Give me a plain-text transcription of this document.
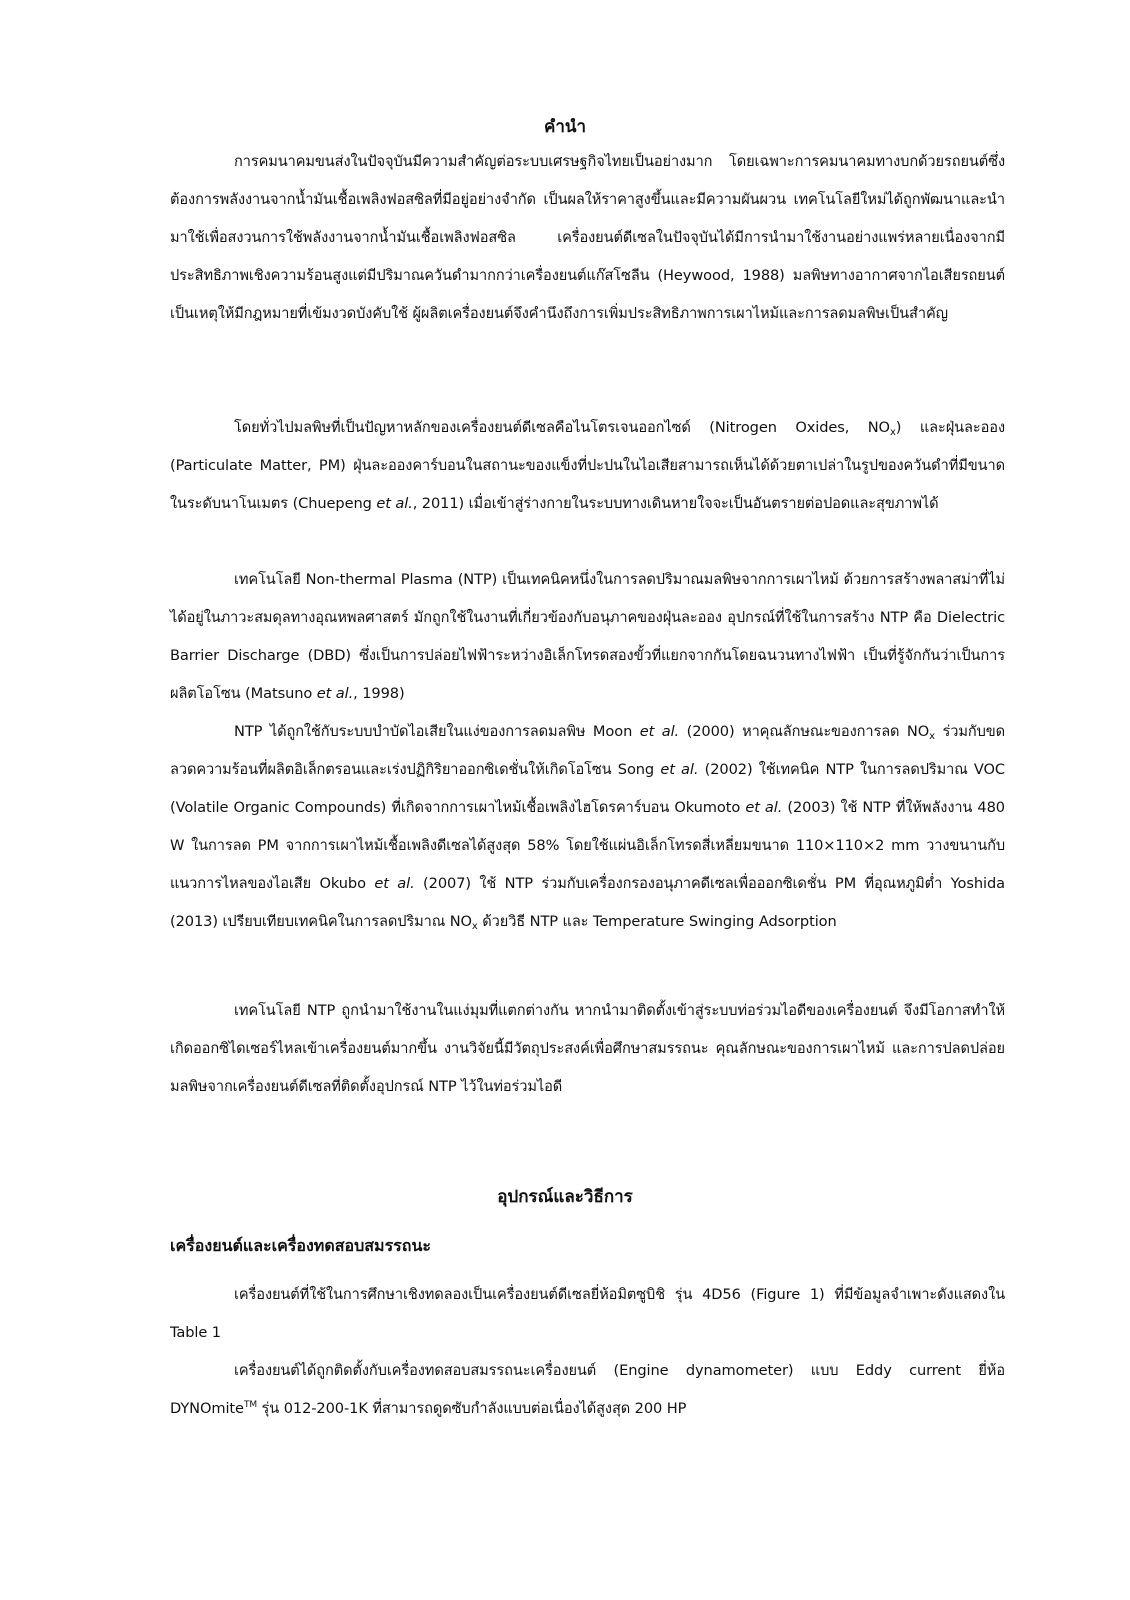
คำนำ

การคมนาคมขนส่งในปัจจุบันมีความสำคัญต่อระบบเศรษฐกิจไทยเป็นอย่างมาก โดยเฉพาะการคมนาคมทางบกด้วยรถยนต์ซึ่งต้องการพลังงานจากน้ำมันเชื้อเพลิงฟอสซิลที่มีอยู่อย่างจำกัด เป็นผลให้ราคาสูงขึ้นและมีความผันผวน เทคโนโลยีใหม่ได้ถูกพัฒนาและนำมาใช้เพื่อสงวนการใช้พลังงานจากน้ำมันเชื้อเพลิงฟอสซิล เครื่องยนต์ดีเซลในปัจจุบันได้มีการนำมาใช้งานอย่างแพร่หลายเนื่องจากมีประสิทธิภาพเชิงความร้อนสูงแต่มีปริมาณควันดำมากกว่าเครื่องยนต์แก๊สโซลีน (Heywood, 1988) มลพิษทางอากาศจากไอเสียรถยนต์เป็นเหตุให้มีกฎหมายที่เข้มงวดบังคับใช้ ผู้ผลิตเครื่องยนต์จึงคำนึงถึงการเพิ่มประสิทธิภาพการเผาไหม้และการลดมลพิษเป็นสำคัญ

โดยทั่วไปมลพิษที่เป็นปัญหาหลักของเครื่องยนต์ดีเซลคือไนโตรเจนออกไซด์ (Nitrogen Oxides, $NO_x$) และฝุ่นละออง (Particulate Matter, PM) ฝุ่นละอองคาร์บอนในสถานะของแข็งที่ปะปนในไอเสียสามารถเห็นได้ด้วยตาเปล่าในรูปของควันดำที่มีขนาดในระดับนาโนเมตร (Chuepeng et al., 2011) เมื่อเข้าสู่ร่างกายในระบบทางเดินหายใจจะเป็นอันตรายต่อปอดและสุขภาพได้

เทคโนโลยี Non-thermal Plasma (NTP) เป็นเทคนิคหนึ่งในการลดปริมาณมลพิษจากการเผาไหม้ ด้วยการสร้างพลาสม่าที่ไม่ได้อยู่ในภาวะสมดุลทางอุณหพลศาสตร์ มักถูกใช้ในงานที่เกี่ยวข้องกับอนุภาคของฝุ่นละออง อุปกรณ์ที่ใช้ในการสร้าง NTP คือ Dielectric Barrier Discharge (DBD) ซึ่งเป็นการปล่อยไฟฟ้าระหว่างอิเล็กโทรดสองขั้วที่แยกจากกันโดยฉนวนทางไฟฟ้า เป็นที่รู้จักกันว่าเป็นการผลิตโอโซน (Matsuno et al., 1998)

NTP ได้ถูกใช้กับระบบบำบัดไอเสียในแง่ของการลดมลพิษ Moon et al. (2000) หาคุณลักษณะของการลด $NO_x$ ร่วมกับขดลวดความร้อนที่ผลิตอิเล็กตรอนและเร่งปฏิกิริยาออกซิเดชั่นให้เกิดโอโซน Song et al. (2002) ใช้เทคนิค NTP ในการลดปริมาณ VOC (Volatile Organic Compounds) ที่เกิดจากการเผาไหม้เชื้อเพลิงไฮโดรคาร์บอน Okumoto et al. (2003) ใช้ NTP ที่ให้พลังงาน 480 W ในการลด PM จากการเผาไหม้เชื้อเพลิงดีเซลได้สูงสุด 58% โดยใช้แผ่นอิเล็กโทรดสี่เหลี่ยมขนาด 110×110×2 mm วางขนานกับแนวการไหลของไอเสีย Okubo et al. (2007) ใช้ NTP ร่วมกับเครื่องกรองอนุภาคดีเซลเพื่อออกซิเดชั่น PM ที่อุณหภูมิต่ำ Yoshida (2013) เปรียบเทียบเทคนิคในการลดปริมาณ $NO_x$ ด้วยวิธี NTP และ Temperature Swinging Adsorption

เทคโนโลยี NTP ถูกนำมาใช้งานในแง่มุมที่แตกต่างกัน หากนำมาติดตั้งเข้าสู่ระบบท่อร่วมไอดีของเครื่องยนต์ จึงมีโอกาสทำให้เกิดออกซิไดเซอร์ไหลเข้าเครื่องยนต์มากขึ้น งานวิจัยนี้มีวัตถุประสงค์เพื่อศึกษาสมรรถนะ คุณลักษณะของการเผาไหม้ และการปลดปล่อยมลพิษจากเครื่องยนต์ดีเซลที่ติดตั้งอุปกรณ์ NTP ไว้ในท่อร่วมไอดี

อุปกรณ์และวิธีการ
เครื่องยนต์และเครื่องทดสอบสมรรถนะ

เครื่องยนต์ที่ใช้ในการศึกษาเชิงทดลองเป็นเครื่องยนต์ดีเซลยี่ห้อมิตซูบิชิ รุ่น 4D56 (Figure 1) ที่มีข้อมูลจำเพาะดังแสดงใน Table 1

เครื่องยนต์ได้ถูกติดตั้งกับเครื่องทดสอบสมรรถนะเครื่องยนต์ (Engine dynamometer) แบบ Eddy current ยี่ห้อ DYNOmite™ รุ่น 012-200-1K ที่สามารถดูดซับกำลังแบบต่อเนื่องได้สูงสุด 200 HP
